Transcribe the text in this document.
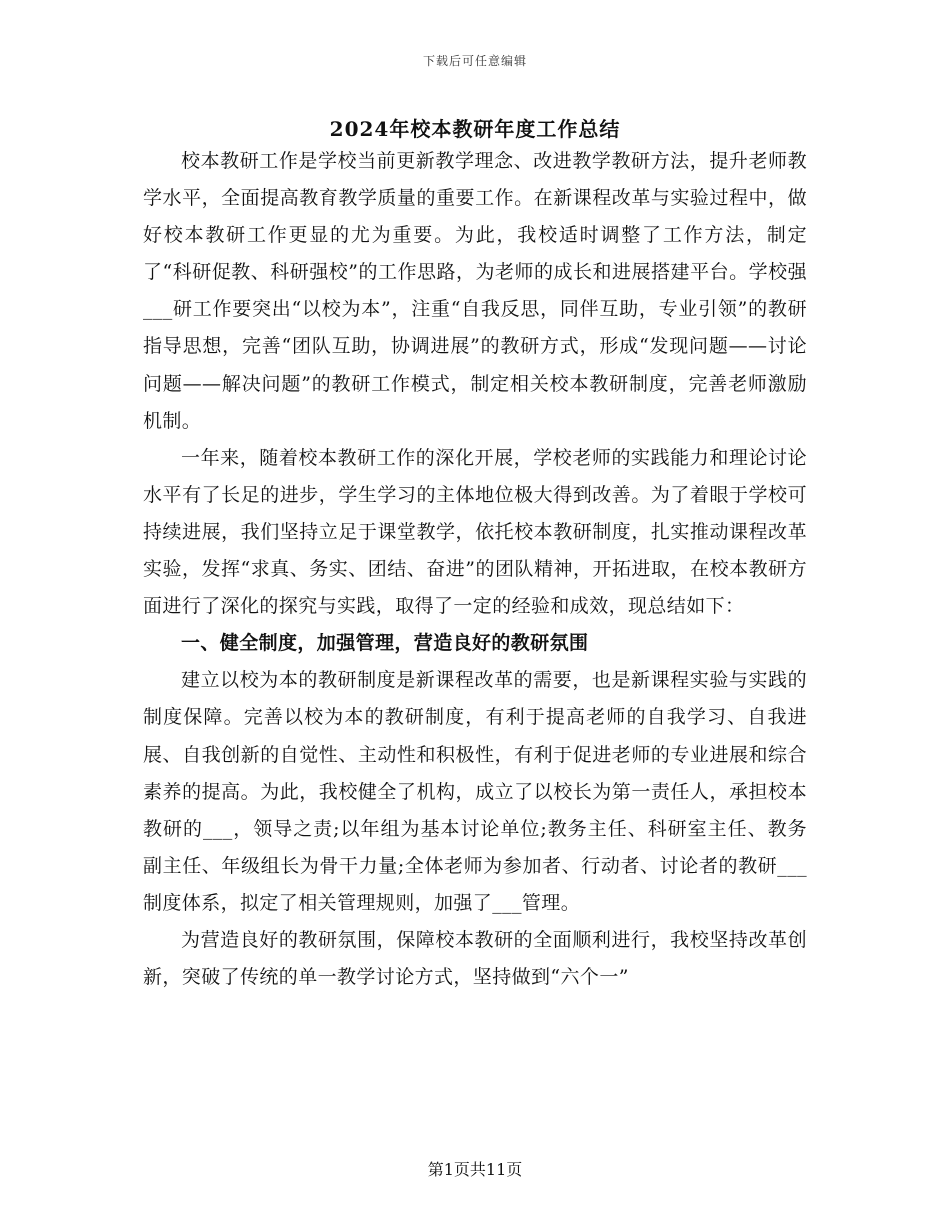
下载后可任意编辑
2024年校本教研年度工作总结

校本教研工作是学校当前更新教学理念、改进教学教研方法，提升老师教学水平，全面提高教育教学质量的重要工作。在新课程改革与实验过程中，做好校本教研工作更显的尤为重要。为此，我校适时调整了工作方法，制定了“科研促教、科研强校”的工作思路，为老师的成长和进展搭建平台。学校强___研工作要突出“以校为本”，注重“自我反思，同伴互助，专业引领”的教研指导思想，完善“团队互助，协调进展”的教研方式，形成“发现问题——讨论问题——解决问题”的教研工作模式，制定相关校本教研制度，完善老师激励机制。

一年来，随着校本教研工作的深化开展，学校老师的实践能力和理论讨论水平有了长足的进步，学生学习的主体地位极大得到改善。为了着眼于学校可持续进展，我们坚持立足于课堂教学，依托校本教研制度，扎实推动课程改革实验，发挥“求真、务实、团结、奋进”的团队精神，开拓进取，在校本教研方面进行了深化的探究与实践，取得了一定的经验和成效，现总结如下：

一、健全制度，加强管理，营造良好的教研氛围

建立以校为本的教研制度是新课程改革的需要，也是新课程实验与实践的制度保障。完善以校为本的教研制度，有利于提高老师的自我学习、自我进展、自我创新的自觉性、主动性和积极性，有利于促进老师的专业进展和综合素养的提高。为此，我校健全了机构，成立了以校长为第一责任人，承担校本教研的___，领导之责;以年组为基本讨论单位;教务主任、科研室主任、教务副主任、年级组长为骨干力量;全体老师为参加者、行动者、讨论者的教研___制度体系，拟定了相关管理规则，加强了___管理。

为营造良好的教研氛围，保障校本教研的全面顺利进行，我校坚持改革创新，突破了传统的单一教学讨论方式，坚持做到“六个一”

第1页共11页
